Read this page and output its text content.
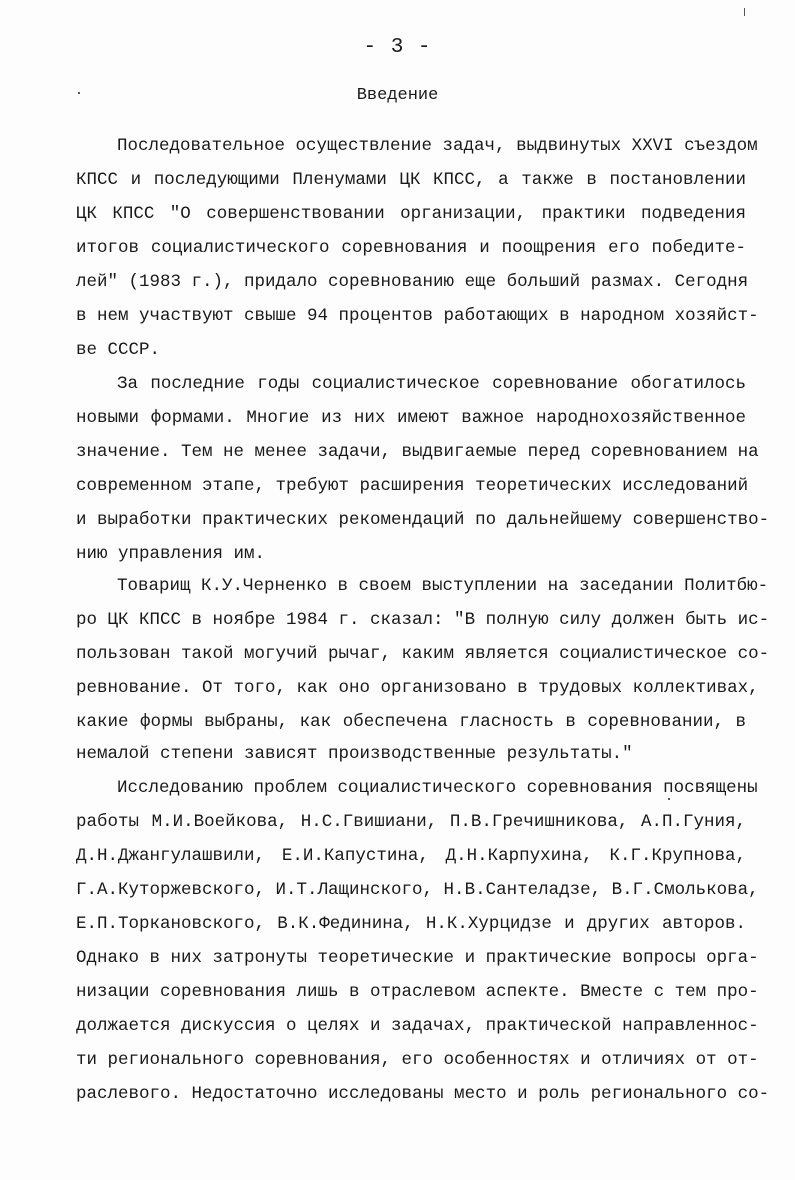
- 3 -
Введение
Последовательное осуществление задач, выдвинутых XXVI съездом
КПСС и последующими Пленумами ЦК КПСС, а также в постановлении
ЦК КПСС "О совершенствовании организации, практики подведения
итогов социалистического соревнования и поощрения его победите-
лей" (1983 г.), придало соревнованию еще больший размах. Сегодня
в нем участвуют свыше 94 процентов работающих в народном хозяйст-
ве СССР.
За последние годы социалистическое соревнование обогатилось
новыми формами. Многие из них имеют важное народнохозяйственное
значение. Тем не менее задачи, выдвигаемые перед соревнованием на
современном этапе, требуют расширения теоретических исследований
и выработки практических рекомендаций по дальнейшему совершенство-
нию управления им.
Товарищ К.У.Черненко в своем выступлении на заседании Политбю-
ро ЦК КПСС в ноябре 1984 г. сказал: "В полную силу должен быть ис-
пользован такой могучий рычаг, каким является социалистическое со-
ревнование. От того, как оно организовано в трудовых коллективах,
какие формы выбраны, как обеспечена гласность в соревновании, в
немалой степени зависят производственные результаты."
Исследованию проблем социалистического соревнования посвящены
работы М.И.Воейкова, Н.С.Гвишиани, П.В.Гречишникова, А.П.Гуния,
Д.Н.Джангулашвили, Е.И.Капустина, Д.Н.Карпухина, К.Г.Крупнова,
Г.А.Куторжевского, И.Т.Лащинского, Н.В.Сантеладзе, В.Г.Смолькова,
Е.П.Торкановского, В.К.Фединина, Н.К.Хурцидзе и других авторов.
Однако в них затронуты теоретические и практические вопросы орга-
низации соревнования лишь в отраслевом аспекте. Вместе с тем про-
должается дискуссия о целях и задачах, практической направленнос-
ти регионального соревнования, его особенностях и отличиях от от-
раслевого. Недостаточно исследованы место и роль регионального со-
